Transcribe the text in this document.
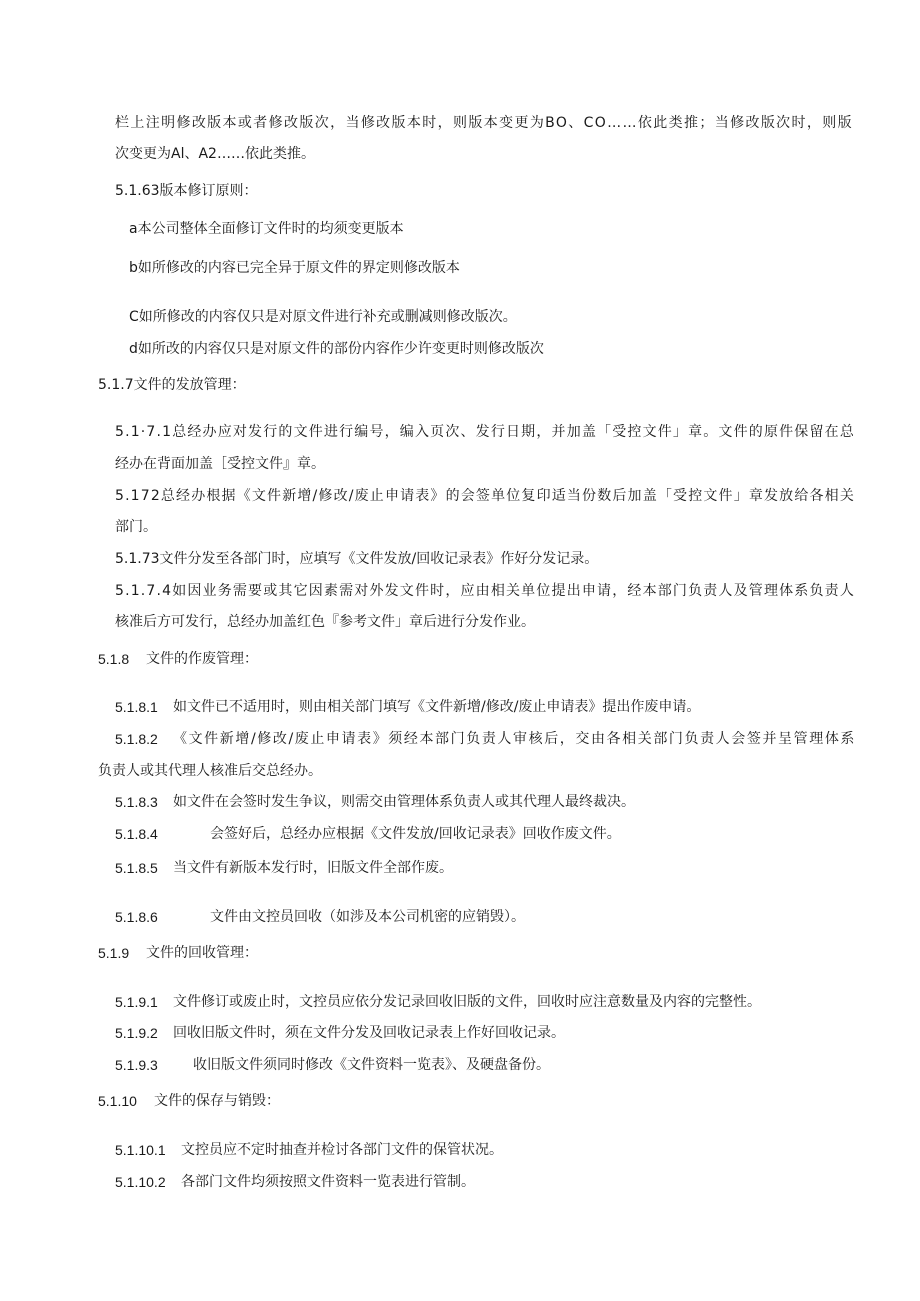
栏上注明修改版本或者修改版次，当修改版本时，则版本变更为BO、CO……依此类推；当修改版次时，则版
次变更为Al、A2……依此类推。
5.1.63版本修订原则：
a本公司整体全面修订文件时的均须变更版本
b如所修改的内容已完全异于原文件的界定则修改版本
C如所修改的内容仅只是对原文件进行补充或删减则修改版次。
d如所改的内容仅只是对原文件的部份内容作少许变更时则修改版次
5.1.7文件的发放管理：
5.1·7.1总经办应对发行的文件进行编号，编入页次、发行日期，并加盖「受控文件」章。文件的原件保留在总
经办在背面加盖［受控文件』章。
5.172总经办根据《文件新增/修改/废止申请表》的会签单位复印适当份数后加盖「受控文件」章发放给各相关
部门。
5.1.73文件分发至各部门时，应填写《文件发放/回收记录表》作好分发记录。
5.1.7.4如因业务需要或其它因素需对外发文件时，应由相关单位提出申请，经本部门负责人及管理体系负责人
核准后方可发行，总经办加盖红色『参考文件」章后进行分发作业。
5.1.8 文件的作废管理：
5.1.8.1 如文件已不适用时，则由相关部门填写《文件新增/修改/废止申请表》提出作废申请。
5.1.8.2 《文件新增/修改/废止申请表》须经本部门负责人审核后，交由各相关部门负责人会签并呈管理体系
负责人或其代理人核准后交总经办。
5.1.8.3 如文件在会签时发生争议，则需交由管理体系负责人或其代理人最终裁决。
5.1.8.4	会签好后，总经办应根据《文件发放/回收记录表》回收作废文件。
5.1.8.5 当文件有新版本发行时，旧版文件全部作废。
5.1.8.6	文件由文控员回收（如涉及本公司机密的应销毁）。
5.1.9 文件的回收管理：
5.1.9.1 文件修订或废止时，文控员应依分发记录回收旧版的文件，回收时应注意数量及内容的完整性。
5.1.9.2 回收旧版文件时，须在文件分发及回收记录表上作好回收记录。
5.1.9.3	收旧版文件须同时修改《文件资料一览表》、及硬盘备份。
5.1.10 文件的保存与销毁：
5.1.10.1 文控员应不定时抽查并检讨各部门文件的保管状况。
5.1.10.2 各部门文件均须按照文件资料一览表进行管制。
